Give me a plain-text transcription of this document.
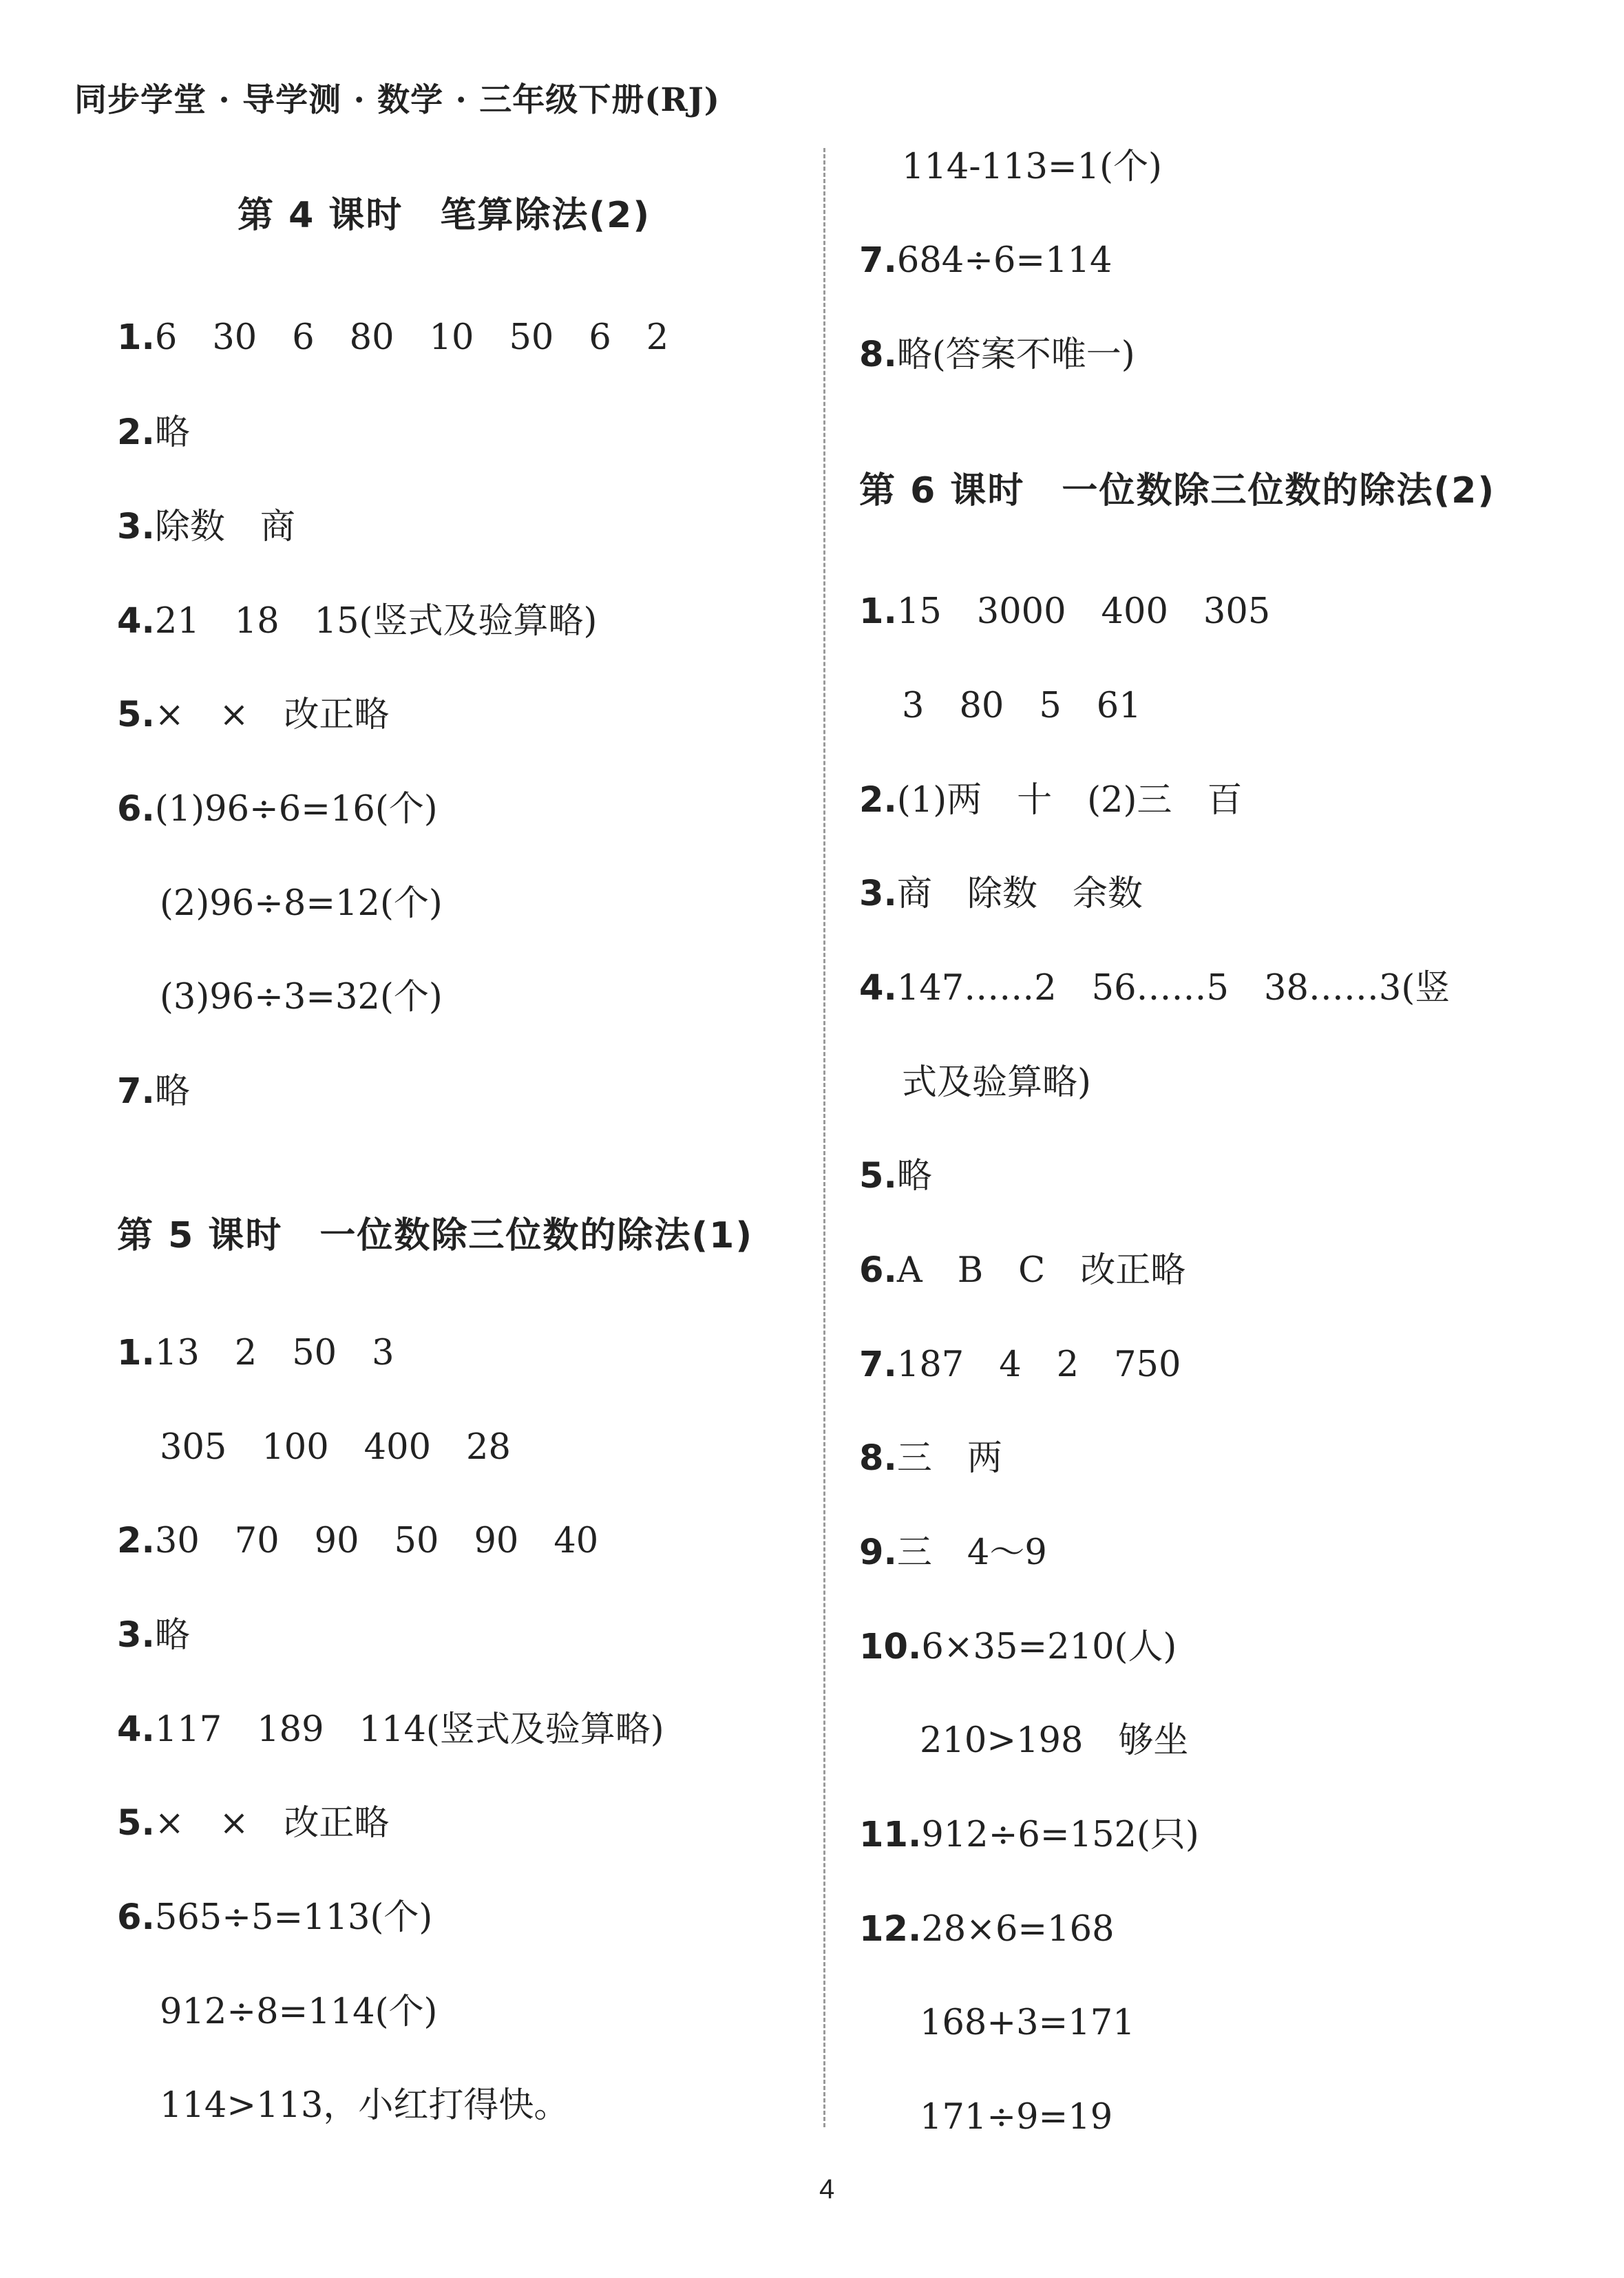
同步学堂 · 导学测 · 数学 · 三年级下册(RJ)
第 4 课时　笔算除法(2)
1.6　30　6　80　10　50　6　2
2.略
3.除数　商
4.21　18　15(竖式及验算略)
5.×　×　改正略
6.(1)96÷6=16(个)
(2)96÷8=12(个)
(3)96÷3=32(个)
7.略
第 5 课时　一位数除三位数的除法(1)
1.13　2　50　3
305　100　400　28
2.30　70　90　50　90　40
3.略
4.117　189　114(竖式及验算略)
5.×　×　改正略
6.565÷5=113(个)
912÷8=114(个)
114>113，小红打得快。
114-113=1(个)
7.684÷6=114
8.略(答案不唯一)
第 6 课时　一位数除三位数的除法(2)
1.15　3000　400　305
3　80　5　61
2.(1)两　十　(2)三　百
3.商　除数　余数
4.147……2　56……5　38……3(竖
式及验算略)
5.略
6.A　B　C　改正略
7.187　4　2　750
8.三　两
9.三　4～9
10.6×35=210(人)
210>198　够坐
11.912÷6=152(只)
12.28×6=168
168+3=171
171÷9=19
4
